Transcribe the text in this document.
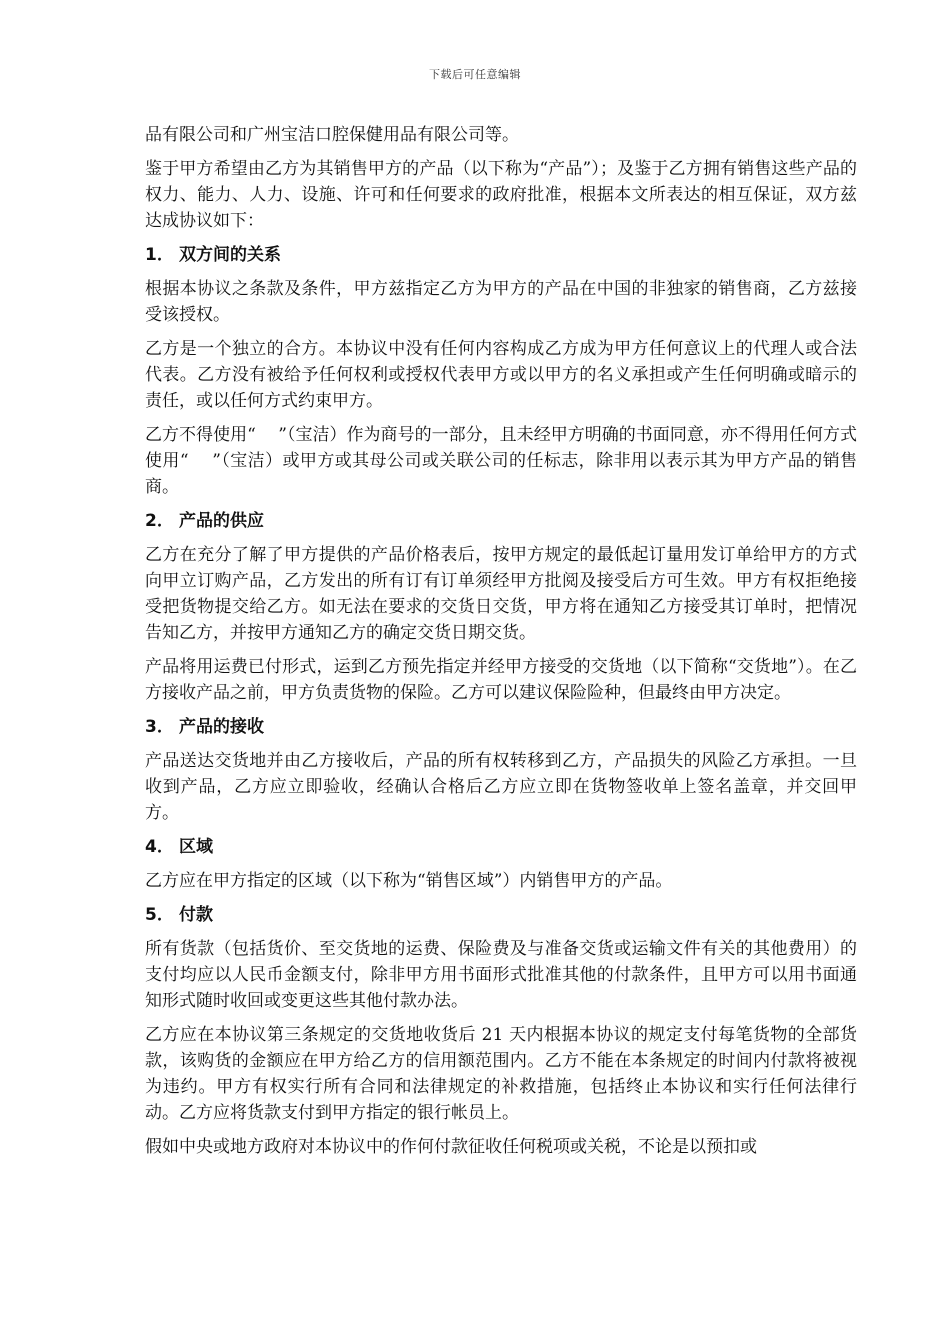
下载后可任意编辑

品有限公司和广州宝洁口腔保健用品有限公司等。

鉴于甲方希望由乙方为其销售甲方的产品（以下称为“产品”）；及鉴于乙方拥有销售这些产品的权力、能力、人力、设施、许可和任何要求的政府批准，根据本文所表达的相互保证，双方兹达成协议如下：

1． 双方间的关系

根据本协议之条款及条件，甲方兹指定乙方为甲方的产品在中国的非独家的销售商，乙方兹接受该授权。

乙方是一个独立的合方。本协议中没有任何内容构成乙方成为甲方任何意议上的代理人或合法代表。乙方没有被给予任何权利或授权代表甲方或以甲方的名义承担或产生任何明确或暗示的责任，或以任何方式约束甲方。

乙方不得使用“　 ”（宝洁）作为商号的一部分，且未经甲方明确的书面同意，亦不得用任何方式使用“　 ”（宝洁）或甲方或其母公司或关联公司的任标志，除非用以表示其为甲方产品的销售商。

2． 产品的供应

乙方在充分了解了甲方提供的产品价格表后，按甲方规定的最低起订量用发订单给甲方的方式向甲立订购产品，乙方发出的所有订有订单须经甲方批阅及接受后方可生效。甲方有权拒绝接受把货物提交给乙方。如无法在要求的交货日交货，甲方将在通知乙方接受其订单时，把情况告知乙方，并按甲方通知乙方的确定交货日期交货。

产品将用运费已付形式，运到乙方预先指定并经甲方接受的交货地（以下简称“交货地”）。在乙方接收产品之前，甲方负责货物的保险。乙方可以建议保险险种，但最终由甲方决定。

3． 产品的接收

产品送达交货地并由乙方接收后，产品的所有权转移到乙方，产品损失的风险乙方承担。一旦收到产品，乙方应立即验收，经确认合格后乙方应立即在货物签收单上签名盖章，并交回甲方。

4． 区域

乙方应在甲方指定的区域（以下称为“销售区域”）内销售甲方的产品。

5． 付款

所有货款（包括货价、至交货地的运费、保险费及与准备交货或运输文件有关的其他费用）的支付均应以人民币金额支付，除非甲方用书面形式批准其他的付款条件，且甲方可以用书面通知形式随时收回或变更这些其他付款办法。

乙方应在本协议第三条规定的交货地收货后 21 天内根据本协议的规定支付每笔货物的全部货款，该购货的金额应在甲方给乙方的信用额范围内。乙方不能在本条规定的时间内付款将被视为违约。甲方有权实行所有合同和法律规定的补救措施，包括终止本协议和实行任何法律行动。乙方应将货款支付到甲方指定的银行帐员上。

假如中央或地方政府对本协议中的作何付款征收任何税项或关税，不论是以预扣或
